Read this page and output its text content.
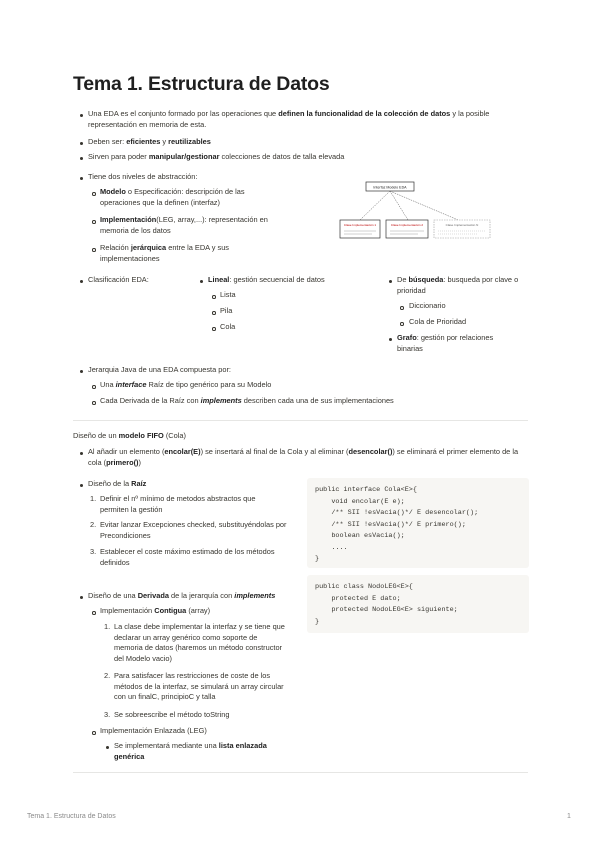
Tema 1. Estructura de Datos
Una EDA es el conjunto formado por las operaciones que definen la funcionalidad de la colección de datos y la posible representación en memoria de esta.
Deben ser: eficientes y reutilizables
Sirven para poder manipular/gestionar colecciones de datos de talla elevada
Tiene dos niveles de abstracción:
Modelo o Especificación: descripción de las operaciones que la definen (interfaz)
Implementación(LEG, array,...): representación en memoria de los datos
Relación jerárquica entre la EDA y sus implementaciones
Interfaz Modelo EDA
Clase Implementación 1	Clase Implementación 2	Clase Implementación N
Clasificación EDA:	Lineal: gestión secuencial de datos
Lista
Pila
Cola
De búsqueda: busqueda por clave o prioridad
Diccionario
Cola de Prioridad
Grafo: gestión por relaciones binarias
Jerarquia Java de una EDA compuesta por:
Una interface Raíz de tipo genérico para su Modelo
Cada Derivada de la Raíz con implements describen cada una de sus implementaciones
Diseño de un modelo FIFO (Cola)
Al añadir un elemento (encolar(E)) se insertará al final de la Cola y al eliminar (desencolar()) se eliminará el primer elemento de la cola (primero())
Diseño de la Raíz
1. Definir el nº mínimo de metodos abstractos que permiten la gestión
2. Evitar lanzar Excepciones checked, substituyéndolas por Precondiciones
3. Establecer el coste máximo estimado de los métodos definidos
public interface Cola<E>{
void encolar(E e);
/** SII !esVacia()*/ E desencolar();
/** SII !esVacia()*/ E primero();
boolean esVacia();
....
}
public class NodoLEG<E>{
protected E dato;
protected NodoLEG<E> siguiente;
}
Diseño de una Derivada de la jerarquía con implements
Implementación Contigua (array)
1. La clase debe implementar la interfaz y se tiene que declarar un array genérico como soporte de memoria de datos (haremos un método constructor del Modelo vacio)
2. Para satisfacer las restricciones de coste de los métodos de la interfaz, se simulará un array circular con un finalC, principioC y talla
3. Se sobreescribe el método toString
Implementación Enlazada (LEG)
Se implementará mediante una lista enlazada genérica
Tema 1. Estructura de Datos	1
